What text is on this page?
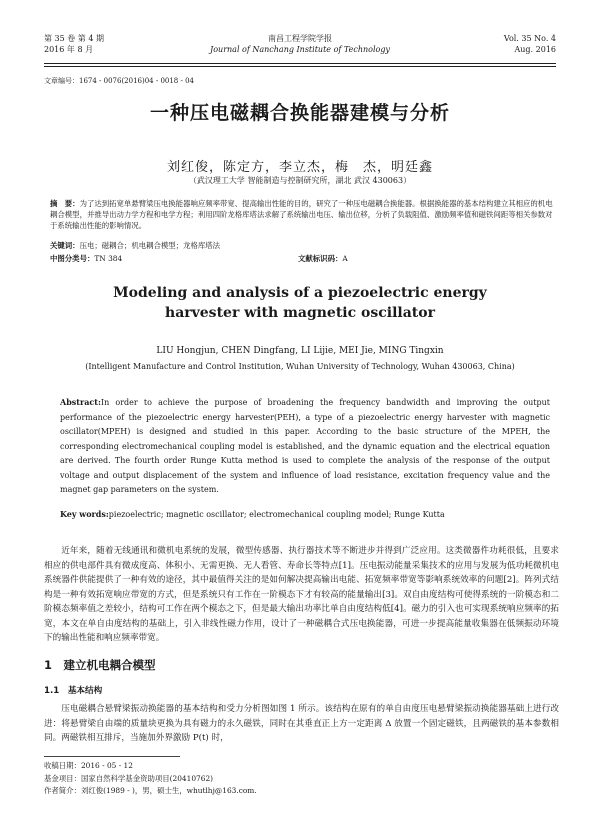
第 35 卷 第 4 期
2016 年 8 月
南昌工程学院学报
Journal of Nanchang Institute of Technology
Vol. 35 No. 4
Aug. 2016
文章编号：1674 - 0076(2016)04 - 0018 - 04
一种压电磁耦合换能器建模与分析
刘红俊，陈定方，李立杰，梅　杰，明廷鑫
（武汉理工大学 智能制造与控制研究所，湖北 武汉 430063）
摘　要：为了达到拓宽单悬臂梁压电换能器响应频率带宽、提高输出性能的目的，研究了一种压电磁耦合换能器。根据换能器的基本结构建立其相应的机电耦合模型，并推导出动力学方程和电学方程；利用四阶龙格库塔法求解了系统输出电压、输出位移，分析了负载阻值、激励频率值和磁铁间距等相关参数对于系统输出性能的影响情况。
关键词：压电；磁耦合；机电耦合模型；龙格库塔法
中图分类号：TN 384	文献标识码：A
Modeling and analysis of a piezoelectric energy
harvester with magnetic oscillator
LIU Hongjun, CHEN Dingfang, LI Lijie, MEI Jie, MING Tingxin
(Intelligent Manufacture and Control Institution, Wuhan University of Technology, Wuhan 430063, China)
Abstract:In order to achieve the purpose of broadening the frequency bandwidth and improving the output performance of the piezoelectric energy harvester(PEH), a type of a piezoelectric energy harvester with magnetic oscillator(MPEH) is designed and studied in this paper. According to the basic structure of the MPEH, the corresponding electromechanical coupling model is established, and the dynamic equation and the electrical equation are derived. The fourth order Runge Kutta method is used to complete the analysis of the response of the output voltage and output displacement of the system and influence of load resistance, excitation frequency value and the magnet gap parameters on the system.
Key words:piezoelectric; magnetic oscillator; electromechanical coupling model; Runge Kutta
近年来，随着无线通讯和微机电系统的发展，微型传感器、执行器技术等不断进步并得到广泛应用。这类微器件功耗很低，且要求相应的供电部件具有微成度高、体积小、无需更换、无人看管、寿命长等特点[1]。压电振动能量采集技术的应用与发展为低功耗微机电系统器件供能提供了一种有效的途径，其中最值得关注的是如何解决提高输出电能、拓宽频率带宽等影响系统效率的问题[2]。阵列式结构是一种有效拓宽响应带宽的方式，但是系统只有工作在一阶模态下才有较高的能量输出[3]。双自由度结构可使得系统的一阶模态和二阶模态频率值之差较小，结构可工作在两个模态之下，但是最大输出功率比单自由度结构低[4]。磁力的引入也可实现系统响应频率的拓宽，本文在单自由度结构的基础上，引入非线性磁力作用，设计了一种磁耦合式压电换能器，可进一步提高能量收集器在低频振动环境下的输出性能和响应频率带宽。
1　建立机电耦合模型
1.1　基本结构
压电磁耦合悬臂梁振动换能器的基本结构和受力分析图如图 1 所示。该结构在原有的单自由度压电悬臂梁振动换能器基础上进行改进：将悬臂梁自由端的质量块更换为具有磁力的永久磁铁，同时在其垂直正上方一定距离 Δ 放置一个固定磁铁，且两磁铁的基本参数相同。两磁铁相互排斥，当施加外界激励 P(t) 时，
收稿日期：2016 - 05 - 12
基金项目：国家自然科学基金资助项目(20410762)
作者简介：刘红俊(1989 - )，男，硕士生，whutlhj@163.com.
